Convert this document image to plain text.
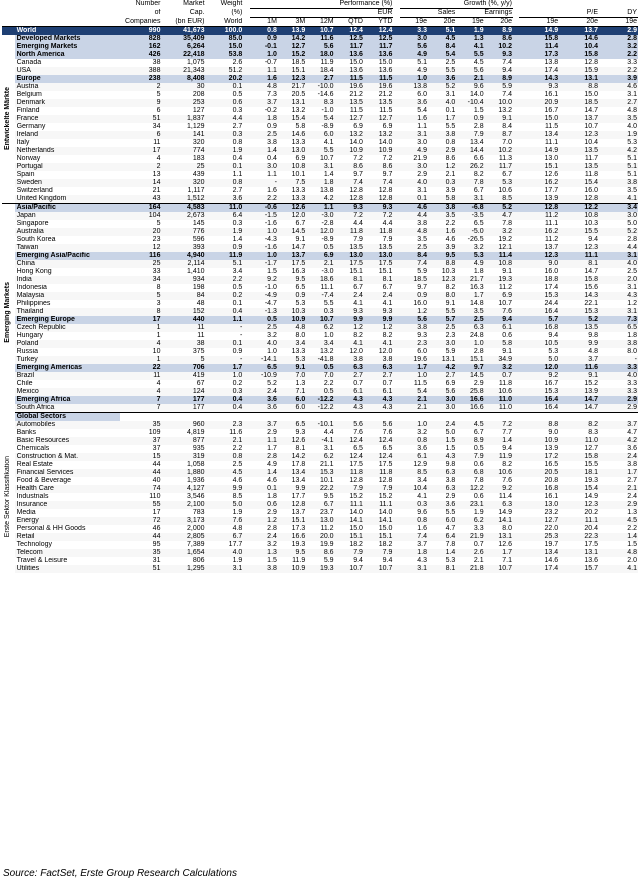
		Number	Market	Weight		Performance (%)						Growth (%, y/y)							
		of	Cap.	(%)		EUR						Sales		Earnings			P/E		DY
		Companies	(bn EUR)	World		1M	3M	12M	QTD	YTD		19e	20e	19e	20e		19e	20e	19e
	World	990	41,673	100.0		0.8	13.9	10.7	12.4	12.4		3.3	5.1	1.9	8.9		14.9	13.7	2.9

Entwickelte Märkte	Developed Markets	828	35,409	85.0		0.9	14.2	11.6	12.5	12.5		3.0	4.5	1.3	8.6		15.8	14.6	2.8
	Emerging Markets	162	6,264	15.0		-0.1	12.7	5.6	11.7	11.7		5.6	8.4	4.1	10.2		11.4	10.4	3.2
	North America	426	22,418	53.8		1.0	15.2	18.0	13.6	13.6		4.9	5.4	5.5	9.3		17.3	15.8	2.2
	Canada	38	1,075	2.6		-0.7	18.5	11.9	15.0	15.0		5.1	2.5	4.5	7.4		13.8	12.8	3.3
	USA	388	21,343	51.2		1.1	15.1	18.4	13.6	13.6		4.9	5.5	5.6	9.4		17.4	15.9	2.2
	Europe	238	8,408	20.2		1.6	12.3	2.7	11.5	11.5		1.0	3.6	2.1	8.9		14.3	13.1	3.9
	Austria	2	30	0.1		4.8	21.7	-10.0	19.6	19.6		13.8	5.2	9.6	5.9		9.3	8.8	4.6
	Belgium	5	208	0.5		7.3	20.5	-14.6	21.2	21.2		6.0	3.1	14.0	7.4		16.1	15.0	3.1
	Denmark	9	253	0.6		3.7	13.1	8.3	13.5	13.5		3.6	4.0	-10.4	10.0		20.9	18.5	2.7
	Finland	6	127	0.3		-0.2	13.2	-1.0	11.5	11.5		5.4	0.1	1.5	13.2		16.7	14.7	4.8
	France	51	1,837	4.4		1.8	15.4	5.4	12.7	12.7		1.6	1.7	0.9	9.1		15.0	13.7	3.5
	Germany	34	1,129	2.7		0.9	5.8	-8.9	6.9	6.9		1.1	5.5	2.8	8.4		11.5	10.7	4.0
	Ireland	6	141	0.3		2.5	14.6	6.0	13.2	13.2		3.1	3.8	7.9	8.7		13.4	12.3	1.9
	Italy	11	320	0.8		3.8	13.3	4.1	14.0	14.0		3.0	0.8	13.4	7.0		11.1	10.4	5.3
	Netherlands	17	774	1.9		1.4	13.0	5.5	10.9	10.9		4.9	2.9	14.4	10.2		14.9	13.5	4.2
	Norway	4	183	0.4		0.4	6.9	10.7	7.2	7.2		21.9	8.6	6.6	11.3		13.0	11.7	5.1
	Portugal	2	25	0.1		3.0	10.8	3.1	8.6	8.6		3.0	1.2	26.2	11.7		15.1	13.5	5.1
	Spain	13	439	1.1		1.1	10.1	1.4	9.7	9.7		2.9	2.1	8.2	6.7		12.6	11.8	5.1
	Sweden	14	320	0.8		-	7.5	1.8	7.4	7.4		4.0	0.3	7.8	5.3		16.2	15.4	3.8
	Switzerland	21	1,117	2.7		1.6	13.3	13.8	12.8	12.8		3.1	3.9	6.7	10.6		17.7	16.0	3.5
	United Kingdom	43	1,512	3.6		2.2	13.3	4.2	12.8	12.8		0.1	5.8	3.1	8.5		13.9	12.8	4.1

Emerging Markets	Asia/Pacific	164	4,583	11.0		-0.6	12.6	1.1	9.3	9.3		4.6	3.8	-6.8	5.2		12.8	12.2	3.4
	Japan	104	2,673	6.4		-1.5	12.0	-3.0	7.2	7.2		4.4	3.5	-3.5	4.7		11.2	10.8	3.0
	Singapore	5	145	0.3		-1.6	6.7	-2.8	4.4	4.4		3.8	2.2	6.5	7.8		11.1	10.3	5.0
	Australia	20	776	1.9		1.0	14.5	12.0	11.8	11.8		4.8	1.6	-5.0	3.2		16.2	15.5	5.2
	South Korea	23	596	1.4		-4.3	9.1	-8.9	7.9	7.9		3.5	4.6	-26.5	19.2		11.2	9.4	2.8
	Taiwan	12	393	0.9		-1.6	14.7	0.5	13.5	13.5		2.5	3.9	3.2	12.1		13.7	12.3	4.4
	Emerging Asia/Pacific	116	4,940	11.9		1.0	13.7	6.9	13.0	13.0		8.4	9.5	5.3	11.4		12.3	11.1	3.1
	China	25	2,114	5.1		-1.7	17.5	2.1	17.5	17.5		7.4	8.8	4.9	10.8		9.0	8.1	4.0
	Hong Kong	33	1,410	3.4		1.5	16.3	-3.0	15.1	15.1		5.9	10.3	1.8	9.1		16.0	14.7	2.5
	India	34	934	2.2		9.2	9.5	18.6	8.1	8.1		18.5	12.3	21.7	19.3		18.8	15.8	2.0
	Indonesia	8	198	0.5		-1.0	6.5	11.1	6.7	6.7		9.7	8.2	16.3	11.2		17.4	15.6	3.1
	Malaysia	5	84	0.2		-4.9	0.9	-7.4	2.4	2.4		0.9	8.0	1.7	6.9		15.3	14.3	4.3
	Philippines	3	48	0.1		-4.7	5.3	5.5	4.1	4.1		16.0	9.1	14.8	10.7		24.4	22.1	1.2
	Thailand	8	152	0.4		-1.3	10.3	0.3	9.3	9.3		1.2	5.5	3.5	7.6		16.4	15.3	3.1
	Emerging Europe	17	440	1.1		0.5	10.9	10.7	9.9	9.9		5.6	5.7	2.5	9.4		5.7	5.2	7.3
	Czech Republic	1	11	-		2.5	4.8	6.2	1.2	1.2		3.8	2.5	6.3	6.1		16.8	13.5	6.5
	Hungary	1	11	-		3.2	8.0	1.0	8.2	8.2		9.3	2.3	24.8	0.6		9.4	9.8	1.8
	Poland	4	38	0.1		4.0	3.4	3.4	4.1	4.1		2.3	3.0	1.0	5.8		10.5	9.9	3.8
	Russia	10	375	0.9		1.0	13.3	13.2	12.0	12.0		6.0	5.9	2.8	9.1		5.3	4.8	8.0
	Turkey	1	5	-		-14.1	5.3	-41.8	3.8	3.8		19.6	13.1	15.1	34.9		5.0	3.7	-
	Emerging Americas	22	706	1.7		6.5	9.1	0.5	6.3	6.3		1.7	4.2	9.7	3.2		12.0	11.6	3.3
	Brazil	11	419	1.0		-10.9	7.0	7.0	2.7	2.7		1.0	2.7	14.5	0.7		9.2	9.1	4.0
	Chile	4	67	0.2		5.2	1.3	2.2	0.7	0.7		11.5	6.9	2.9	11.8		16.7	15.2	3.3
	Mexico	4	124	0.3		2.4	7.1	0.5	6.1	6.1		5.4	5.6	25.8	10.6		15.3	13.9	3.3
	Emerging Africa	7	177	0.4		3.6	6.0	-12.2	4.3	4.3		2.1	3.0	16.6	11.0		16.4	14.7	2.9
	South Africa	7	177	0.4		3.6	6.0	-12.2	4.3	4.3		2.1	3.0	16.6	11.0		16.4	14.7	2.9
	Global Sectors																		

Erste Sektor Klassifikation	Automobiles	35	960	2.3		3.7	6.5	-10.1	5.6	5.6		1.0	2.4	4.5	7.2		8.8	8.2	3.7
	Banks	109	4,819	11.6		2.9	9.3	4.4	7.6	7.6		3.2	5.0	6.7	7.7		9.0	8.3	4.7
	Basic Resources	37	877	2.1		1.1	12.6	-4.1	12.4	12.4		0.8	1.5	8.9	1.4		10.9	11.0	4.2
	Chemicals	37	935	2.2		1.7	8.1	3.1	6.5	6.5		3.6	1.5	0.5	9.4		13.9	12.7	3.6
	Construction & Mat.	15	319	0.8		2.8	14.2	6.2	12.4	12.4		6.1	4.3	7.9	11.9		17.2	15.8	2.4
	Real Estate	44	1,058	2.5		4.9	17.8	21.1	17.5	17.5		12.9	9.8	0.6	8.2		16.5	15.5	3.8
	Financial Services	44	1,880	4.5		1.4	13.4	15.3	11.8	11.8		8.5	6.3	6.8	10.6		20.5	18.1	1.7
	Food & Beverage	40	1,936	4.6		4.6	13.4	10.1	12.8	12.8		3.4	3.8	7.8	7.6		20.8	19.3	2.7
	Health Care	74	4,127	9.9		0.1	9.9	22.2	7.9	7.9		10.4	6.3	12.2	9.2		16.8	15.4	2.1
	Industrials	110	3,546	8.5		1.8	17.7	9.5	15.2	15.2		4.1	2.9	0.6	11.4		16.1	14.9	2.4
	Insurance	55	2,100	5.0		0.6	12.8	6.7	11.1	11.1		0.3	3.6	23.1	6.3		13.0	12.3	2.9
	Media	17	783	1.9		2.9	13.7	23.7	14.0	14.0		9.6	5.5	1.9	14.9		23.2	20.2	1.3
	Energy	72	3,173	7.6		1.2	15.1	13.0	14.1	14.1		0.8	6.0	6.2	14.1		12.7	11.1	4.5
	Personal & HH Goods	46	2,000	4.8		2.8	17.3	11.2	15.0	15.0		1.6	4.7	3.3	8.0		22.0	20.4	2.2
	Retail	44	2,805	6.7		2.4	16.6	20.0	15.1	15.1		7.4	6.4	21.9	13.1		25.3	22.3	1.4
	Technology	95	7,389	17.7		3.2	19.3	19.9	18.2	18.2		3.7	7.8	0.7	12.6		19.7	17.5	1.5
	Telecom	35	1,654	4.0		1.3	9.5	8.6	7.9	7.9		1.8	1.4	2.6	1.7		13.4	13.1	4.8
	Travel & Leisure	31	806	1.9		1.5	11.9	5.9	9.4	9.4		4.3	5.3	2.1	7.1		14.6	13.6	2.0
	Utilities	51	1,295	3.1		3.8	10.9	19.3	10.7	10.7		3.1	8.1	21.8	10.7		17.4	15.7	4.1
Source: FactSet, Erste Group Research Calculations
